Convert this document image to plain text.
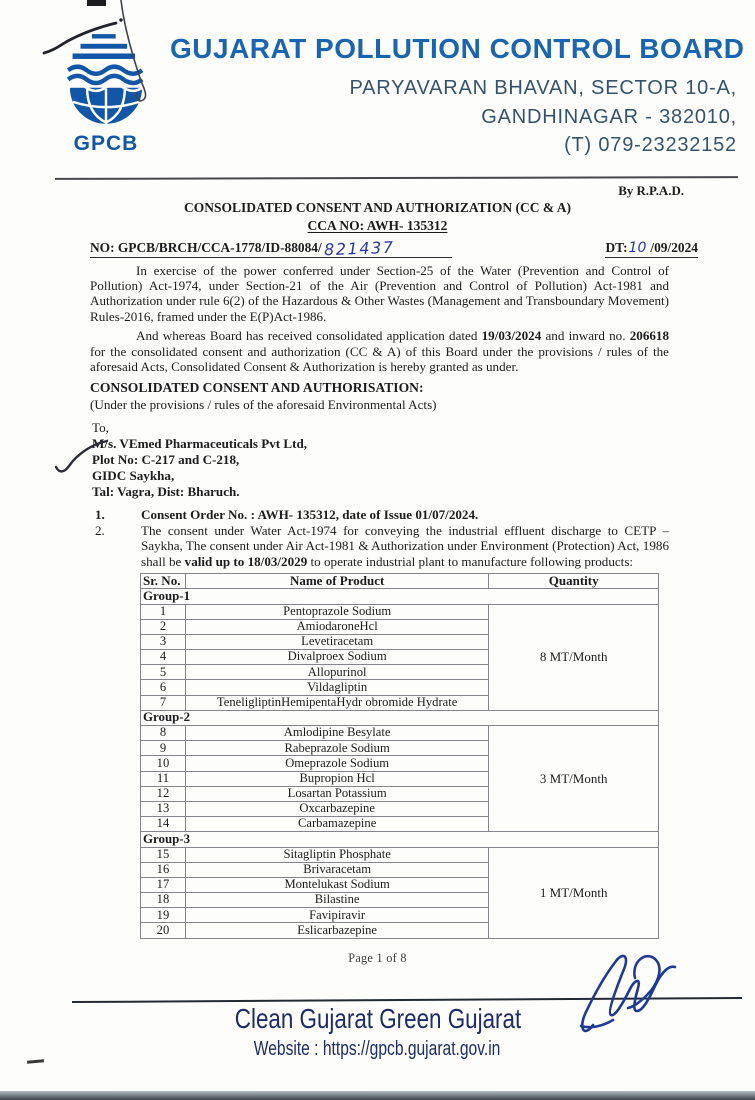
GPCB
GUJARAT POLLUTION CONTROL BOARD
PARYAVARAN BHAVAN, SECTOR 10-A,
GANDHINAGAR - 382010,
(T) 079-23232152
By R.P.A.D.
CONSOLIDATED CONSENT AND AUTHORIZATION (CC & A)
CCA NO: AWH- 135312
NO: GPCB/BRCH/CCA-1778/ID-88084/ 821437	DT:10 /09/2024
In exercise of the power conferred under Section-25 of the Water (Prevention and Control of Pollution) Act-1974, under Section-21 of the Air (Prevention and Control of Pollution) Act-1981 and Authorization under rule 6(2) of the Hazardous & Other Wastes (Management and Transboundary Movement) Rules-2016, framed under the E(P)Act-1986.
And whereas Board has received consolidated application dated 19/03/2024 and inward no. 206618 for the consolidated consent and authorization (CC & A) of this Board under the provisions / rules of the aforesaid Acts, Consolidated Consent & Authorization is hereby granted as under.
CONSOLIDATED CONSENT AND AUTHORISATION:
(Under the provisions / rules of the aforesaid Environmental Acts)
To,
M/s. VEmed Pharmaceuticals Pvt Ltd,
Plot No: C-217 and C-218,
GIDC Saykha,
Tal: Vagra, Dist: Bharuch.
1.	Consent Order No. : AWH- 135312, date of Issue 01/07/2024.
2.	The consent under Water Act-1974 for conveying the industrial effluent discharge to CETP – Saykha, The consent under Air Act-1981 & Authorization under Environment (Protection) Act, 1986 shall be valid up to 18/03/2029 to operate industrial plant to manufacture following products:
Sr. No.	Name of Product	Quantity
Group-1		
1	Pentoprazole Sodium	8 MT/Month
2	AmiodaroneHcl	
3	Levetiracetam	
4	Divalproex Sodium	
5	Allopurinol	
6	Vildagliptin	
7	TeneligliptinHemipentaHydr obromide Hydrate	
Group-2		
8	Amlodipine Besylate	3 MT/Month
9	Rabeprazole Sodium	
10	Omeprazole Sodium	
11	Bupropion Hcl	
12	Losartan Potassium	
13	Oxcarbazepine	
14	Carbamazepine	
Group-3		
15	Sitagliptin Phosphate	1 MT/Month
16	Brivaracetam	
17	Montelukast Sodium	
18	Bilastine	
19	Favipiravir	
20	Eslicarbazepine	
Page 1 of 8
Clean Gujarat Green Gujarat
Website : https://gpcb.gujarat.gov.in
